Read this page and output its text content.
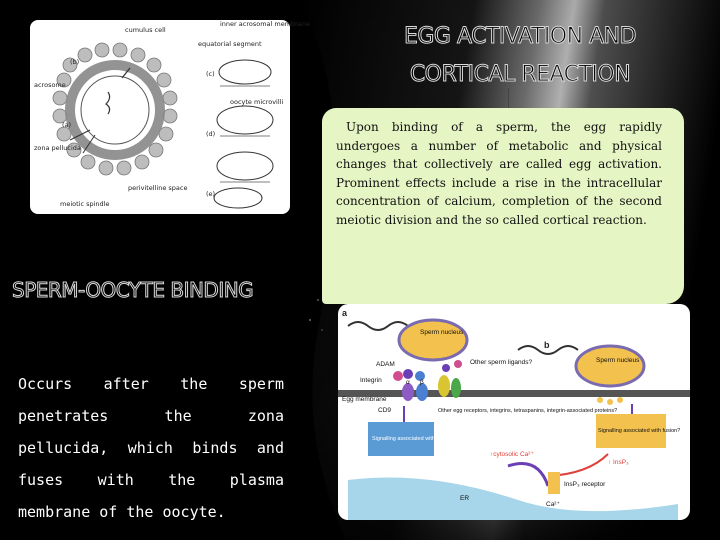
cumulus cell
inner acrosomal membrane
equatorial segment
acrosome
oocyte microvilli
zona pellucida
perivitelline space
meiotic spindle
(a)
(b)
(c)
(d)
(e)
EGG ACTIVATION AND
CORTICAL REACTION
Upon binding of a sperm, the egg rapidly undergoes a number of metabolic and physical changes that collectively are called egg activation. Prominent effects include a rise in the intracellular concentration of calcium, completion of the second meiotic division and the so called cortical reaction.
SPERM-OOCYTE BINDING
Occurs after the sperm penetrates the zona pellucida, which binds and fuses with the plasma membrane of the oocyte.
a
b
Sperm nucleus
Sperm nucleus
ADAM	Other sperm ligands?
Integrin	α β
Egg membrane
CD9	Other egg receptors, integrins, tetraspanins, integrin-associated proteins?
Signalling associated with adhesion?
Signalling associated with fusion?
↑cytosolic Ca²⁺
↑ InsP₃
InsP₃ receptor
ER
Ca²⁺
